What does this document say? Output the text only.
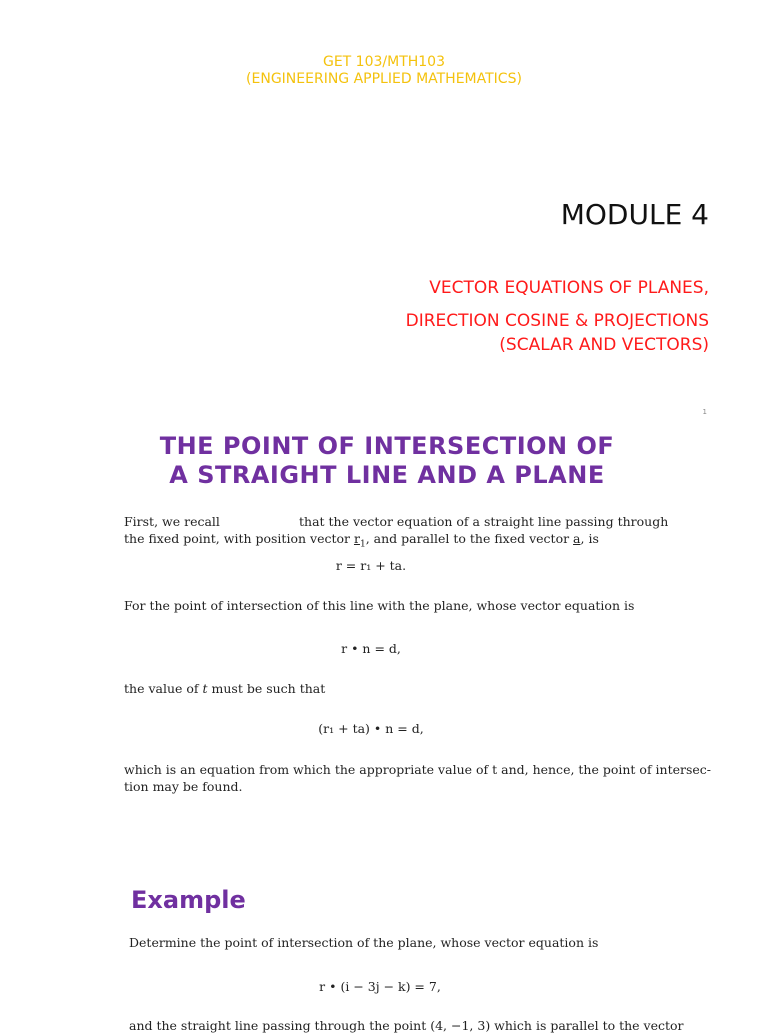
GET 103/MTH103
(ENGINEERING APPLIED MATHEMATICS)
MODULE 4
VECTOR EQUATIONS OF PLANES,
DIRECTION COSINE & PROJECTIONS
(SCALAR AND VECTORS)
1
THE POINT OF INTERSECTION OF
A STRAIGHT LINE AND A PLANE
First, we recall	that the vector equation of a straight line passing through
the fixed point, with position vector $r_1$, and parallel to the fixed vector a, is
r = r₁ + ta.
For the point of intersection of this line with the plane, whose vector equation is
r • n = d,
the value of t must be such that
(r₁ + ta) • n = d,
which is an equation from which the appropriate value of t and, hence, the point of intersec-
tion may be found.
Example
Determine the point of intersection of the plane, whose vector equation is
r • (i − 3j − k) = 7,
and the straight line passing through the point (4, −1, 3) which is parallel to the vector
